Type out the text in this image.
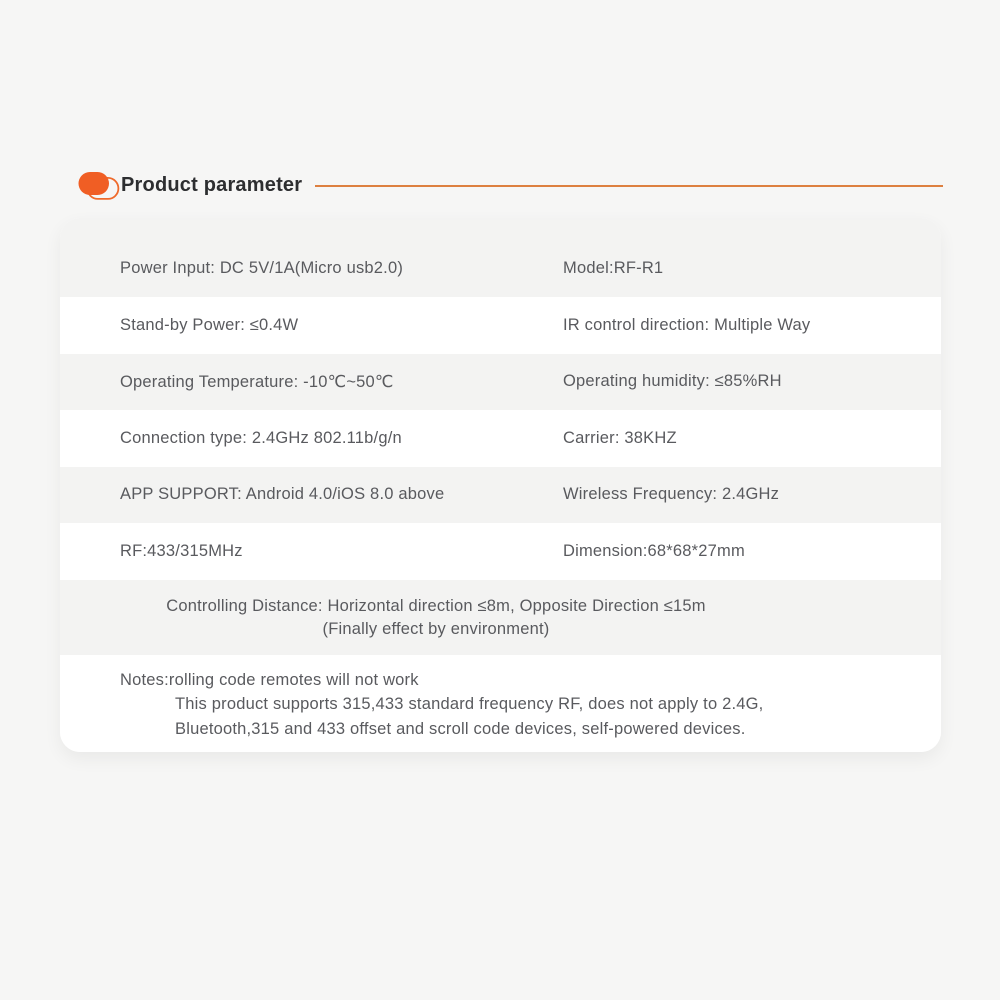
Product parameter
Power Input: DC 5V/1A(Micro usb2.0)	Model:RF-R1
Stand-by Power: ≤0.4W	IR control direction: Multiple Way
Operating Temperature: -10℃~50℃	Operating humidity: ≤85%RH
Connection type: 2.4GHz 802.11b/g/n	Carrier: 38KHZ
APP SUPPORT: Android 4.0/iOS 8.0 above	Wireless Frequency: 2.4GHz
RF:433/315MHz	Dimension:68*68*27mm
Controlling Distance: Horizontal direction ≤8m, Opposite Direction ≤15m
(Finally effect by environment)
Notes:rolling code remotes will not work
This product supports 315,433 standard frequency RF, does not apply to 2.4G,
Bluetooth,315 and 433 offset and scroll code devices, self-powered devices.
